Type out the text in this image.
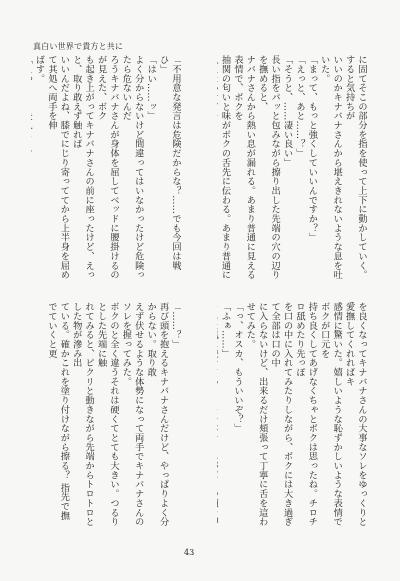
真白い世界で貴方と共に
「不用意な発言は危険だからな？……でも今回は戦ひ」
「はい……ッ」
よく分からないけど間違ってはいなかったけど危険ったら危ないんだ
ろうキナバナさんが身体を屈してベッドに腰掛けるのが見えた、ボク
も起き上がってキナバナさんの前に座ったけど、えっと、取り敢えず触れば
いいんだよね、膝でにじり寄っててから上半身を屈めて其処へ両手を伸
ばす。

「……？」
再び頭を抱えるキナバナさんだけど、やっぱりよく分からない。取り敢
えず伏せるような体勢になって両手でキナバナさんのソレを握ってみた。
ボクのと全く違うそれは硬くてとても大きい。つるりとした先端に触
れてみると、ピクリと動きながら先端からトロトロとした物が滲み出
ている。確かこれを塗り付けながら擦る？ 指先で撫でていくと更
に固てそこの部分を指を使って上下に動かしていく。すると気持ちが
いいのかキナバナさんから堪えきれないような息を吐いた。
「まって、もっと強くしていいんですか？」
「えっと、あと……？」
「そうと、……凄い良い」
長い指をパッと包みながら擦り出した先端の穴の辺りを撫めると、
ナバナさんから熱い息が漏れる。あまり普通に見える表情で、ボクを
抽関の匂いと味がボクの舌先に伝わる。あまり普通に

を良くなってキナバナさんの大事なソレをゆっくりと愛撫してくれればキ
感情に驚いた。嬉しいような恥ずかしいような表情でボクが口元を
持ち良くしてあげなくちゃとボクは思ったね。チロチロ舐めたり先っぽ
を口の中に入れてみたりしながら、ボクには大き過ぎて全部は口の中
に入らないけど、出来るだけ頬張って丁寧に舌を這わせてみた。
「っ、オスカ、もういいぞ？」
「ふぁ……」

43
